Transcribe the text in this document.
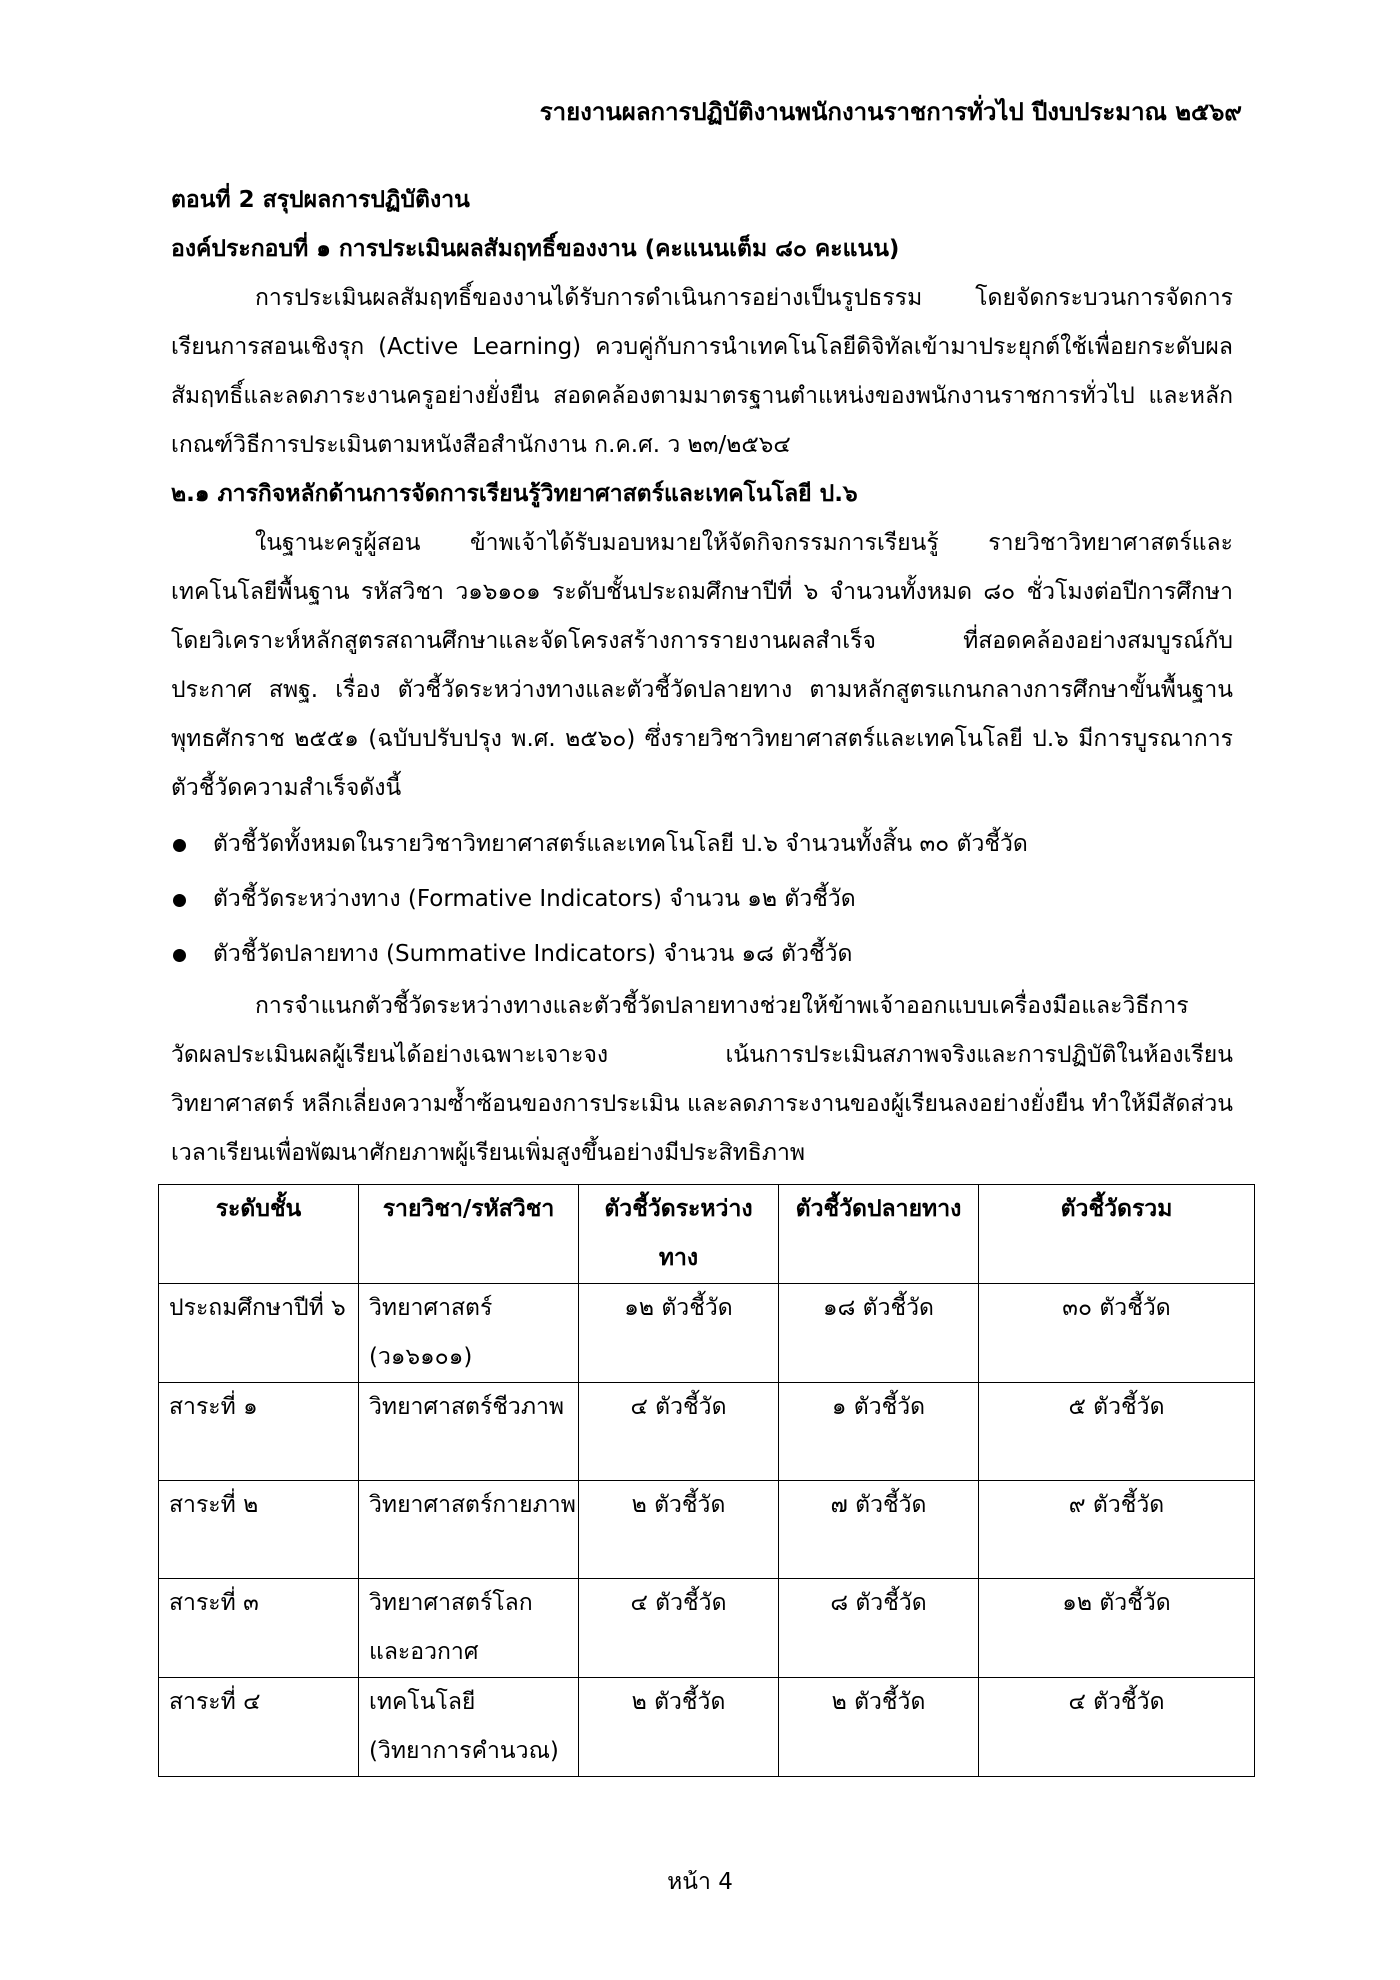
รายงานผลการปฏิบัติงานพนักงานราชการทั่วไป ปีงบประมาณ ๒๕๖๙

ตอนที่ 2 สรุปผลการปฏิบัติงาน

องค์ประกอบที่ ๑ การประเมินผลสัมฤทธิ์ของงาน (คะแนนเต็ม ๘๐ คะแนน)

การประเมินผลสัมฤทธิ์ของงานได้รับการดำเนินการอย่างเป็นรูปธรรม โดยจัดกระบวนการจัดการเรียนการสอนเชิงรุก (Active Learning) ควบคู่กับการนำเทคโนโลยีดิจิทัลเข้ามาประยุกต์ใช้เพื่อยกระดับผลสัมฤทธิ์และลดภาระงานครูอย่างยั่งยืน สอดคล้องตามมาตรฐานตำแหน่งของพนักงานราชการทั่วไป และหลักเกณฑ์วิธีการประเมินตามหนังสือสำนักงาน ก.ค.ศ. ว ๒๓/๒๕๖๔

๒.๑ ภารกิจหลักด้านการจัดการเรียนรู้วิทยาศาสตร์และเทคโนโลยี ป.๖

ในฐานะครูผู้สอน ข้าพเจ้าได้รับมอบหมายให้จัดกิจกรรมการเรียนรู้ รายวิชาวิทยาศาสตร์และเทคโนโลยีพื้นฐาน รหัสวิชา ว๑๖๑๐๑ ระดับชั้นประถมศึกษาปีที่ ๖ จำนวนทั้งหมด ๘๐ ชั่วโมงต่อปีการศึกษา โดยวิเคราะห์หลักสูตรสถานศึกษาและจัดโครงสร้างการรายงานผลสำเร็จ ที่สอดคล้องอย่างสมบูรณ์กับประกาศ สพฐ. เรื่อง ตัวชี้วัดระหว่างทางและตัวชี้วัดปลายทาง ตามหลักสูตรแกนกลางการศึกษาขั้นพื้นฐาน พุทธศักราช ๒๕๕๑ (ฉบับปรับปรุง พ.ศ. ๒๕๖๐) ซึ่งรายวิชาวิทยาศาสตร์และเทคโนโลยี ป.๖ มีการบูรณาการตัวชี้วัดความสำเร็จดังนี้

ตัวชี้วัดทั้งหมดในรายวิชาวิทยาศาสตร์และเทคโนโลยี ป.๖ จำนวนทั้งสิ้น ๓๐ ตัวชี้วัด
ตัวชี้วัดระหว่างทาง (Formative Indicators) จำนวน ๑๒ ตัวชี้วัด
ตัวชี้วัดปลายทาง (Summative Indicators) จำนวน ๑๘ ตัวชี้วัด

การจำแนกตัวชี้วัดระหว่างทางและตัวชี้วัดปลายทางช่วยให้ข้าพเจ้าออกแบบเครื่องมือและวิธีการวัดผลประเมินผลผู้เรียนได้อย่างเฉพาะเจาะจง เน้นการประเมินสภาพจริงและการปฏิบัติในห้องเรียนวิทยาศาสตร์ หลีกเลี่ยงความซ้ำซ้อนของการประเมิน และลดภาระงานของผู้เรียนลงอย่างยั่งยืน ทำให้มีสัดส่วนเวลาเรียนเพื่อพัฒนาศักยภาพผู้เรียนเพิ่มสูงขึ้นอย่างมีประสิทธิภาพ

ระดับชั้น	รายวิชา/รหัสวิชา	ตัวชี้วัดระหว่างทาง	ตัวชี้วัดปลายทาง	ตัวชี้วัดรวม
ประถมศึกษาปีที่ ๖	วิทยาศาสตร์ (ว๑๖๑๐๑)	๑๒ ตัวชี้วัด	๑๘ ตัวชี้วัด	๓๐ ตัวชี้วัด
สาระที่ ๑	วิทยาศาสตร์ชีวภาพ	๔ ตัวชี้วัด	๑ ตัวชี้วัด	๕ ตัวชี้วัด
สาระที่ ๒	วิทยาศาสตร์กายภาพ	๒ ตัวชี้วัด	๗ ตัวชี้วัด	๙ ตัวชี้วัด
สาระที่ ๓	วิทยาศาสตร์โลกและอวกาศ	๔ ตัวชี้วัด	๘ ตัวชี้วัด	๑๒ ตัวชี้วัด
สาระที่ ๔	เทคโนโลยี (วิทยาการคำนวณ)	๒ ตัวชี้วัด	๒ ตัวชี้วัด	๔ ตัวชี้วัด
หน้า 4
